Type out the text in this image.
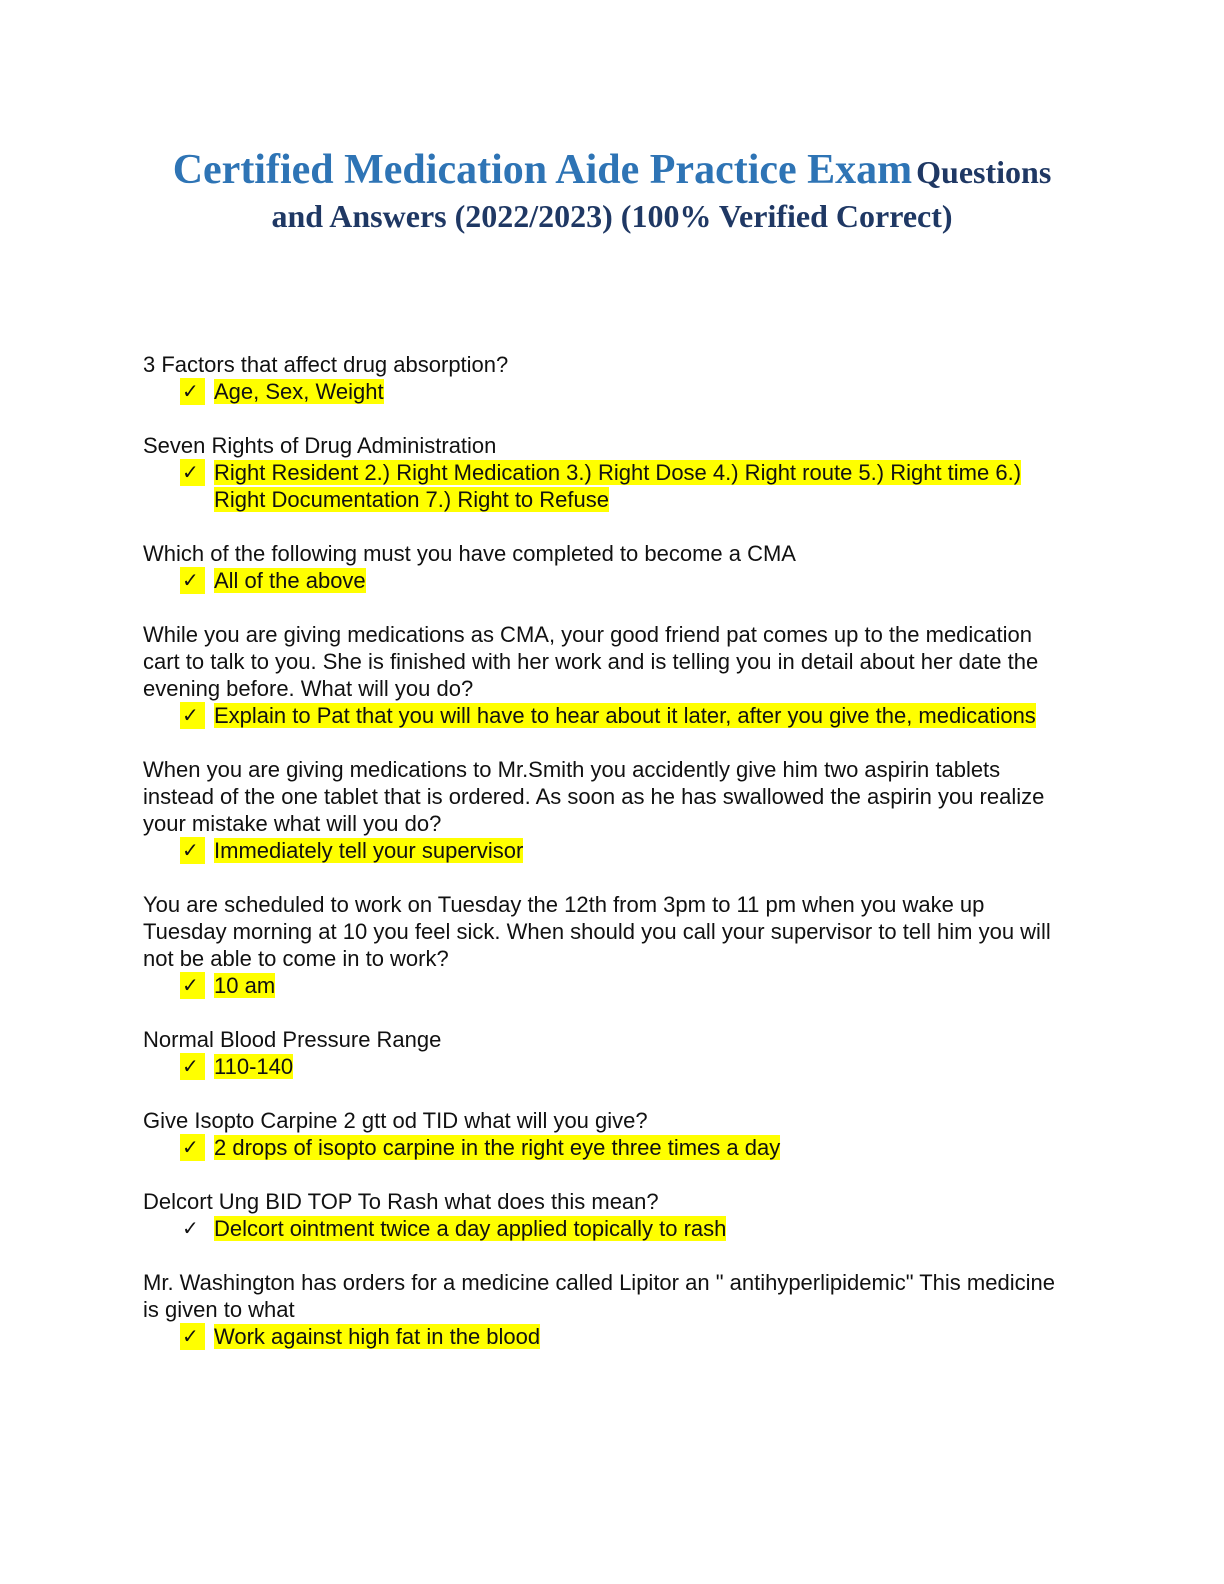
Certified Medication Aide Practice Exam Questions
and Answers (2022/2023) (100% Verified Correct)
3 Factors that affect drug absorption?
✓ Age, Sex, Weight
Seven Rights of Drug Administration
✓ Right Resident 2.) Right Medication 3.) Right Dose 4.) Right route 5.) Right time 6.) Right Documentation 7.) Right to Refuse
Which of the following must you have completed to become a CMA
✓ All of the above
While you are giving medications as CMA, your good friend pat comes up to the medication cart to talk to you. She is finished with her work and is telling you in detail about her date the evening before. What will you do?
✓ Explain to Pat that you will have to hear about it later, after you give the, medications
When you are giving medications to Mr.Smith you accidently give him two aspirin tablets instead of the one tablet that is ordered. As soon as he has swallowed the aspirin you realize your mistake what will you do?
✓ Immediately tell your supervisor
You are scheduled to work on Tuesday the 12th from 3pm to 11 pm when you wake up Tuesday morning at 10 you feel sick. When should you call your supervisor to tell him you will not be able to come in to work?
✓ 10 am
Normal Blood Pressure Range
✓ 110-140
Give Isopto Carpine 2 gtt od TID what will you give?
✓ 2 drops of isopto carpine in the right eye three times a day
Delcort Ung BID TOP To Rash what does this mean?
✓ Delcort ointment twice a day applied topically to rash
Mr. Washington has orders for a medicine called Lipitor an " antihyperlipidemic" This medicine is given to what
✓ Work against high fat in the blood
